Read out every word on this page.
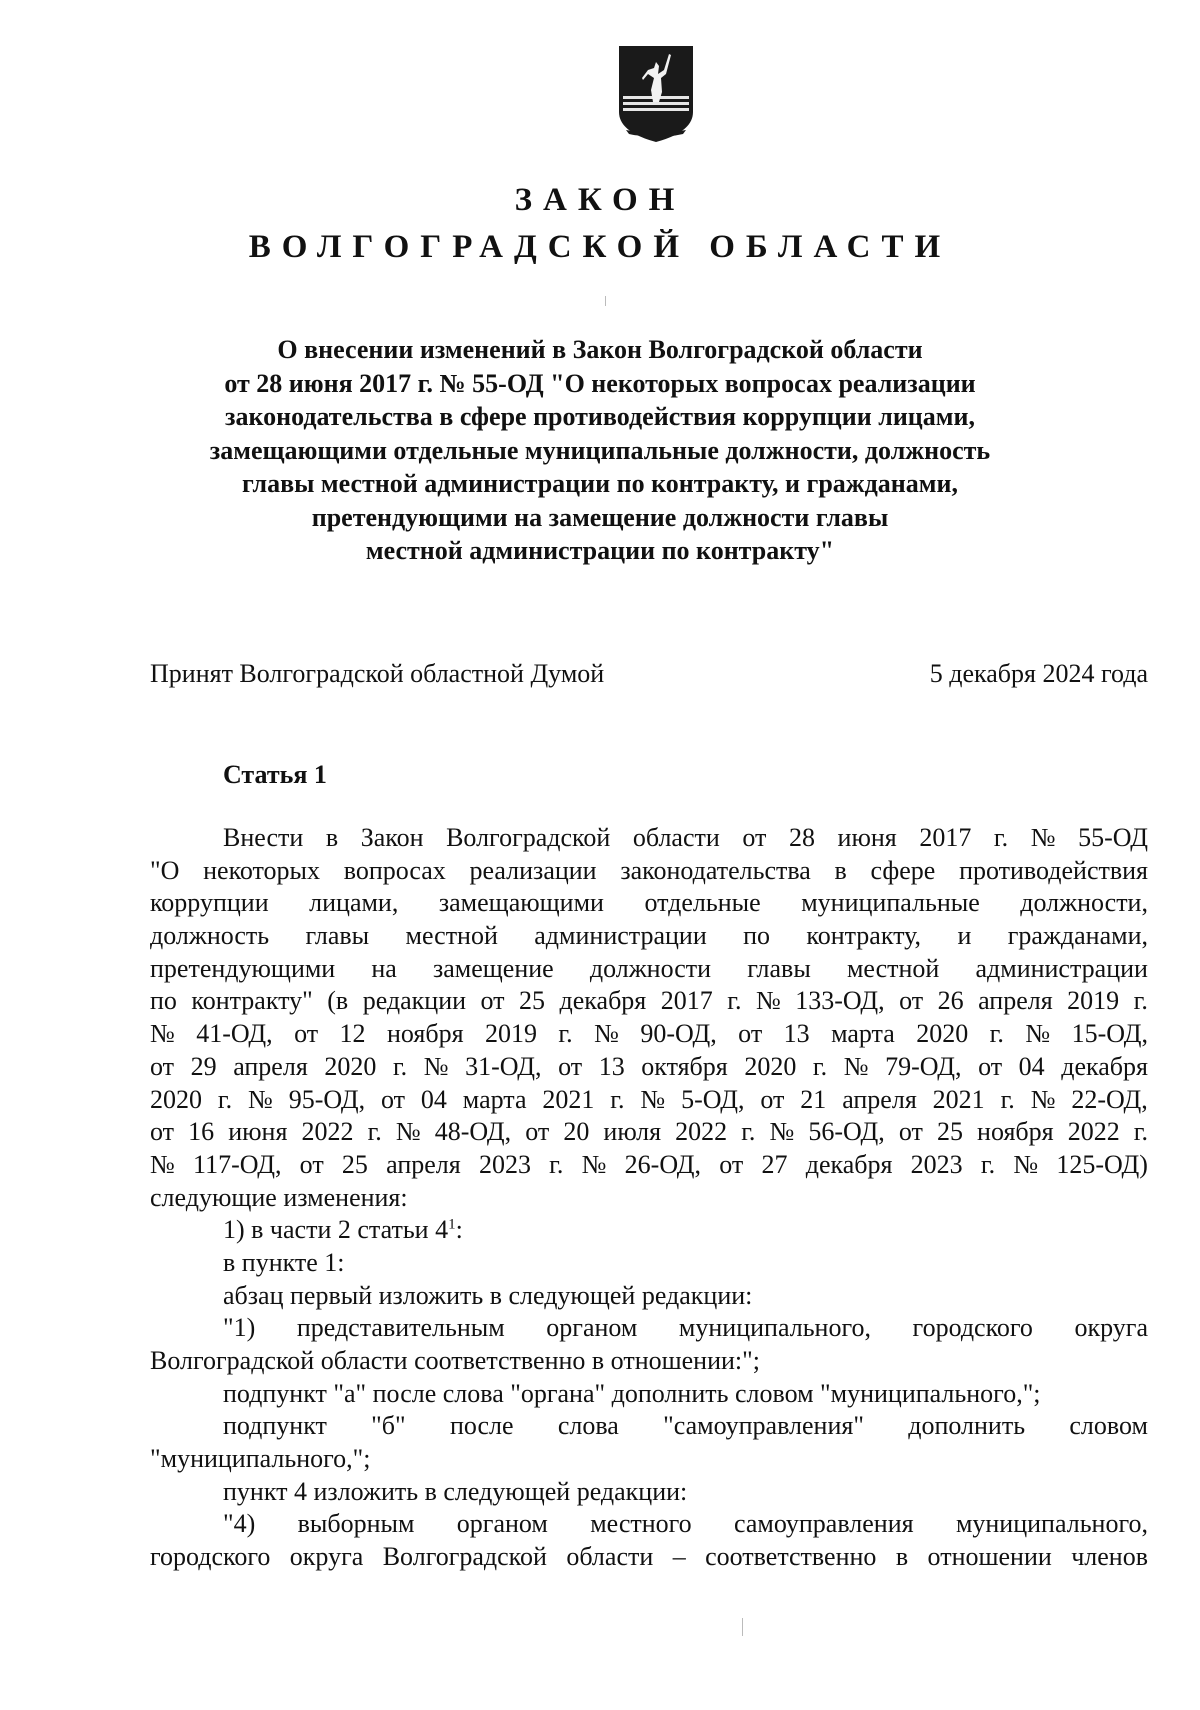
ЗАКОН
ВОЛГОГРАДСКОЙ ОБЛАСТИ
О внесении изменений в Закон Волгоградской области
от 28 июня 2017 г. № 55-ОД "О некоторых вопросах реализации
законодательства в сфере противодействия коррупции лицами,
замещающими отдельные муниципальные должности, должность
главы местной администрации по контракту, и гражданами,
претендующими на замещение должности главы
местной администрации по контракту"
Принят Волгоградской областной Думой	5 декабря 2024 года
Статья 1
Внести в Закон Волгоградской области от 28 июня 2017 г. № 55-ОД
"О некоторых вопросах реализации законодательства в сфере противодействия
коррупции лицами, замещающими отдельные муниципальные должности,
должность главы местной администрации по контракту, и гражданами,
претендующими на замещение должности главы местной администрации
по контракту" (в редакции от 25 декабря 2017 г. № 133-ОД, от 26 апреля 2019 г.
№ 41-ОД, от 12 ноября 2019 г. № 90-ОД, от 13 марта 2020 г. № 15-ОД,
от 29 апреля 2020 г. № 31-ОД, от 13 октября 2020 г. № 79-ОД, от 04 декабря
2020 г. № 95-ОД, от 04 марта 2021 г. № 5-ОД, от 21 апреля 2021 г. № 22-ОД,
от 16 июня 2022 г. № 48-ОД, от 20 июля 2022 г. № 56-ОД, от 25 ноября 2022 г.
№ 117-ОД, от 25 апреля 2023 г. № 26-ОД, от 27 декабря 2023 г. № 125-ОД)
следующие изменения:
1) в части 2 статьи $4^1$:
в пункте 1:
абзац первый изложить в следующей редакции:
"1) представительным органом муниципального, городского округа
Волгоградской области соответственно в отношении:";
подпункт "а" после слова "органа" дополнить словом "муниципального,";
подпункт "б" после слова "самоуправления" дополнить словом
"муниципального,";
пункт 4 изложить в следующей редакции:
"4) выборным органом местного самоуправления муниципального,
городского округа Волгоградской области – соответственно в отношении членов
